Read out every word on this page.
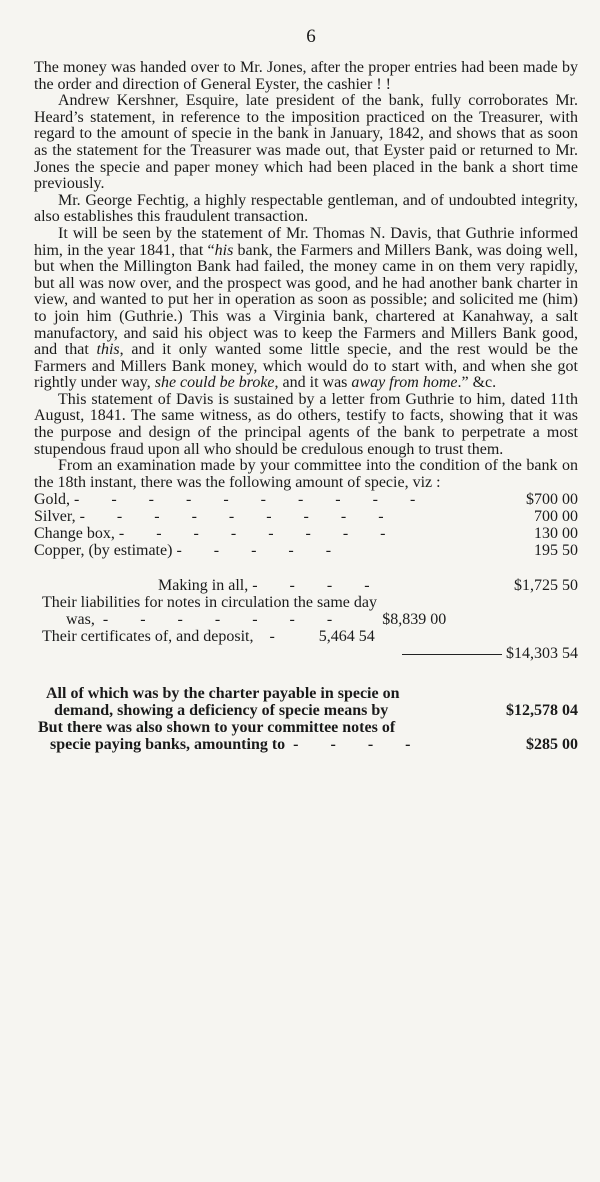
6

The money was handed over to Mr. Jones, after the proper entries had been made by the order and direction of General Eyster, the cashier ! !

Andrew Kershner, Esquire, late president of the bank, fully corroborates Mr. Heard’s statement, in reference to the imposition practiced on the Treasurer, with regard to the amount of specie in the bank in January, 1842, and shows that as soon as the statement for the Treasurer was made out, that Eyster paid or returned to Mr. Jones the specie and paper money which had been placed in the bank a short time previously.

Mr. George Fechtig, a highly respectable gentleman, and of undoubted integrity, also establishes this fraudulent transaction.

It will be seen by the statement of Mr. Thomas N. Davis, that Guthrie informed him, in the year 1841, that “his bank, the Farmers and Millers Bank, was doing well, but when the Millington Bank had failed, the money came in on them very rapidly, but all was now over, and the prospect was good, and he had another bank charter in view, and wanted to put her in operation as soon as possible; and solicited me (him) to join him (Guthrie.) This was a Virginia bank, chartered at Kanahway, a salt manufactory, and said his object was to keep the Farmers and Millers Bank good, and that this, and it only wanted some little specie, and the rest would be the Farmers and Millers Bank money, which would do to start with, and when she got rightly under way, she could be broke, and it was away from home.” &c.

This statement of Davis is sustained by a letter from Guthrie to him, dated 11th August, 1841. The same witness, as do others, testify to facts, showing that it was the purpose and design of the principal agents of the bank to perpetrate a most stupendous fraud upon all who should be credulous enough to trust them.

From an examination made by your committee into the condition of the bank on the 18th instant, there was the following amount of specie, viz :

Gold, - - - - - - - - - -	$700 00
Silver, - - - - - - - - -	700 00
Change box, - - - - - - - -	130 00
Copper, (by estimate) - - - - -	195 50
Making in all, - - - -	$1,725 50
Their liabilities for notes in circulation the same day
was,
- - - - - - -	$8,839 00
Their certificates of, and deposit,
-	5,464 54
$14,303 54
All of which was by the charter payable in specie on
demand, showing a deficiency of specie means by	$12,578 04
But there was also shown to your committee notes of
specie paying banks, amounting to - - - -	$285 00
